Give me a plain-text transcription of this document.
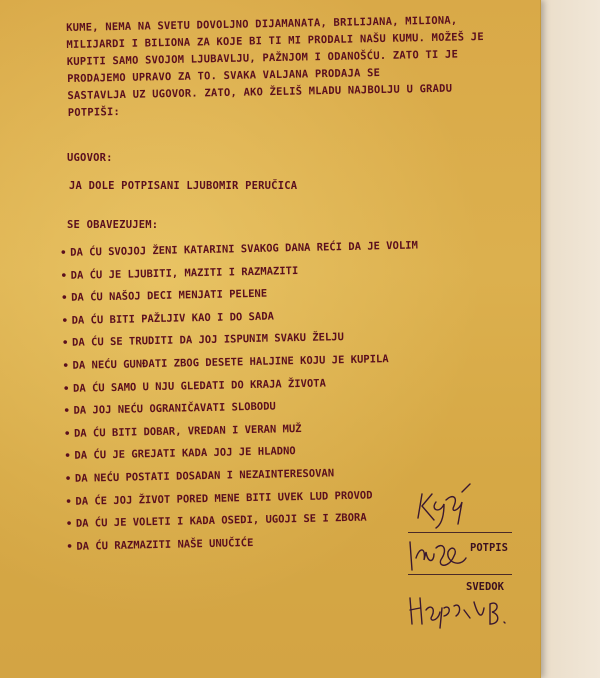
KUME, NEMA NA SVETU DOVOLJNO DIJAMANATA, BRILIJANA, MILIONA,
MILIJARDI I BILIONA ZA KOJE BI TI MI PRODALI NAŠU KUMU. MOŽEŠ JE
KUPITI SAMO SVOJOM LJUBAVLJU, PAŽNJOM I ODANOŠĆU. ZATO TI JE
PRODAJEMO UPRAVO ZA TO. SVAKA VALJANA PRODAJA SE
SASTAVLJA UZ UGOVOR. ZATO, AKO ŽELIŠ MLADU NAJBOLJU U GRADU
POTPIŠI:
UGOVOR:
JA DOLE POTPISANI LJUBOMIR PERUČICA
SE OBAVEZUJEM:
• DA ĆU SVOJOJ ŽENI KATARINI SVAKOG DANA REĆI DA JE VOLIM
• DA ĆU JE LJUBITI, MAZITI I RAZMAZITI
• DA ĆU NAŠOJ DECI MENJATI PELENE
• DA ĆU BITI PAŽLJIV KAO I DO SADA
• DA ĆU SE TRUDITI DA JOJ ISPUNIM SVAKU ŽELJU
• DA NEĆU GUNĐATI ZBOG DESETE HALJINE KOJU JE KUPILA
• DA ĆU SAMO U NJU GLEDATI DO KRAJA ŽIVOTA
• DA JOJ NEĆU OGRANIČAVATI SLOBODU
• DA ĆU BITI DOBAR, VREDAN I VERAN MUŽ
• DA ĆU JE GREJATI KADA JOJ JE HLADNO
• DA NEĆU POSTATI DOSADAN I NEZAINTERESOVAN
• DA ĆE JOJ ŽIVOT PORED MENE BITI UVEK LUD PROVOD
• DA ĆU JE VOLETI I KADA OSEDI, UGOJI SE I ZBORA
• DA ĆU RAZMAZITI NAŠE UNUČIĆE	POTPIS
SVEDOK
